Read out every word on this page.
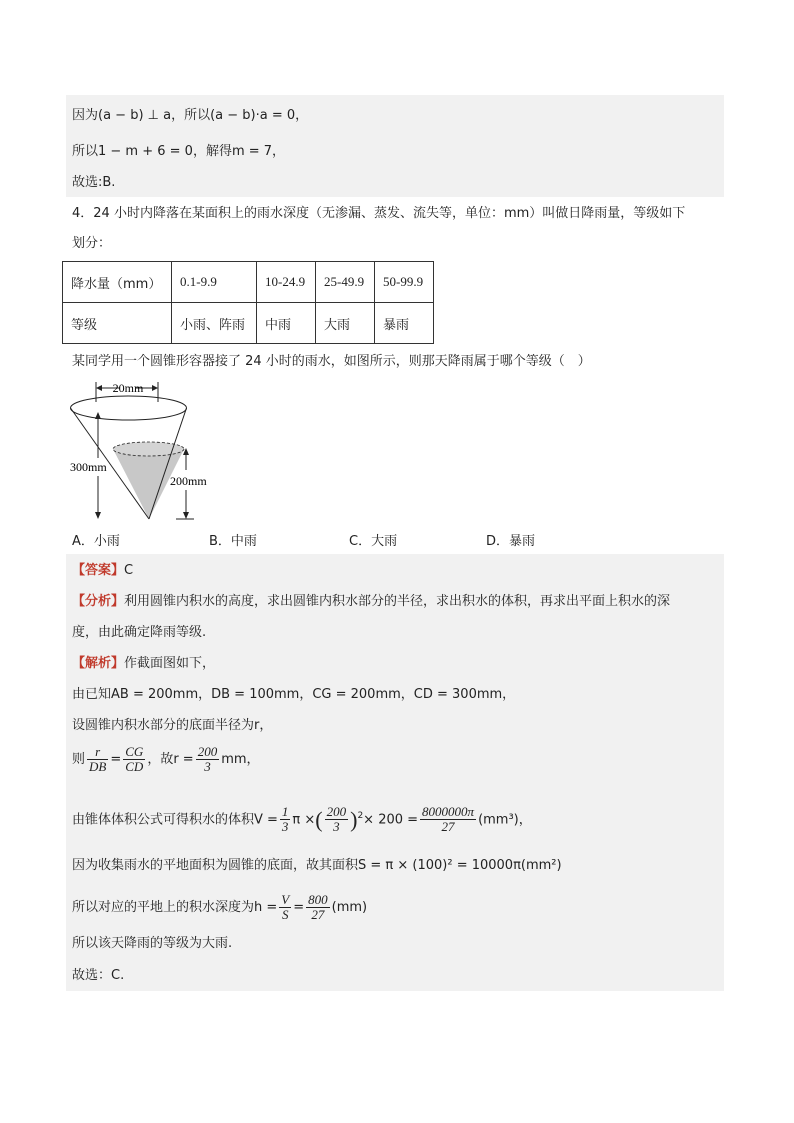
因为(a − b) ⊥ a，所以(a − b)·a = 0，
所以1 − m + 6 = 0，解得m = 7，
故选:B.
4．24 小时内降落在某面积上的雨水深度（无渗漏、蒸发、流失等，单位：mm）叫做日降雨量，等级如下
划分：
降水量（mm）	0.1-9.9	10-24.9	25-49.9	50-99.9
等级	小雨、阵雨	中雨	大雨	暴雨
某同学用一个圆锥形容器接了 24 小时的雨水，如图所示，则那天降雨属于哪个等级（　）
20mm
300mm
200mm
A．小雨	B．中雨	C．大雨	D．暴雨
【答案】C
【分析】利用圆锥内积水的高度，求出圆锥内积水部分的半径，求出积水的体积，再求出平面上积水的深
度，由此确定降雨等级.
【解析】作截面图如下，
由已知AB = 200mm，DB = 100mm，CG = 200mm，CD = 300mm，
设圆锥内积水部分的底面半径为r，
则 $\frac{r}{DB} = \frac{CG}{CD}$ ，故$r = \frac{200}{3}$ mm，
由锥体体积公式可得积水的体积$V = \frac{1}{3}$ π ×( $\frac{200}{3} )^2\times 200 = \frac{8000000\pi}{27} (mm^3)$，
因为收集雨水的平地面积为圆锥的底面，故其面积S = π × (100)² = 10000π(mm²)
所以对应的平地上的积水深度为$h = \frac{V}{S} = \frac{800}{27} (mm)$
所以该天降雨的等级为大雨.
故选：C.
